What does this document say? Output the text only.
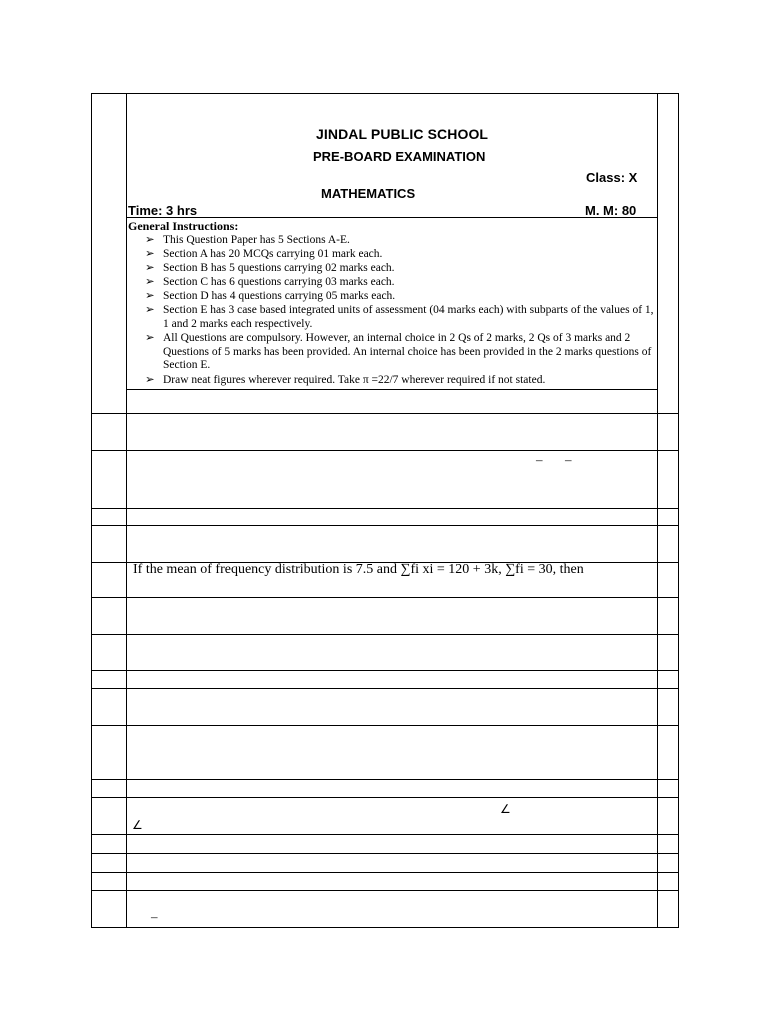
JINDAL PUBLIC SCHOOL
PRE-BOARD EXAMINATION
Class: X
MATHEMATICS
Time: 3 hrs	M. M: 80
General Instructions:
➢ This Question Paper has 5 Sections A-E.
➢ Section A has 20 MCQs carrying 01 mark each.
➢ Section B has 5 questions carrying 02 marks each.
➢ Section C has 6 questions carrying 03 marks each.
➢ Section D has 4 questions carrying 05 marks each.
➢ Section E has 3 case based integrated units of assessment (04 marks each) with subparts of the values of 1, 1 and 2 marks each respectively.
➢ All Questions are compulsory. However, an internal choice in 2 Qs of 2 marks, 2 Qs of 3 marks and 2 Questions of 5 marks has been provided. An internal choice has been provided in the 2 marks questions of Section E.
➢ Draw neat figures wherever required. Take π =22/7 wherever required if not stated.
– –
If the mean of frequency distribution is 7.5 and ∑fi xi = 120 + 3k, ∑fi = 30, then
∠
∠
–
